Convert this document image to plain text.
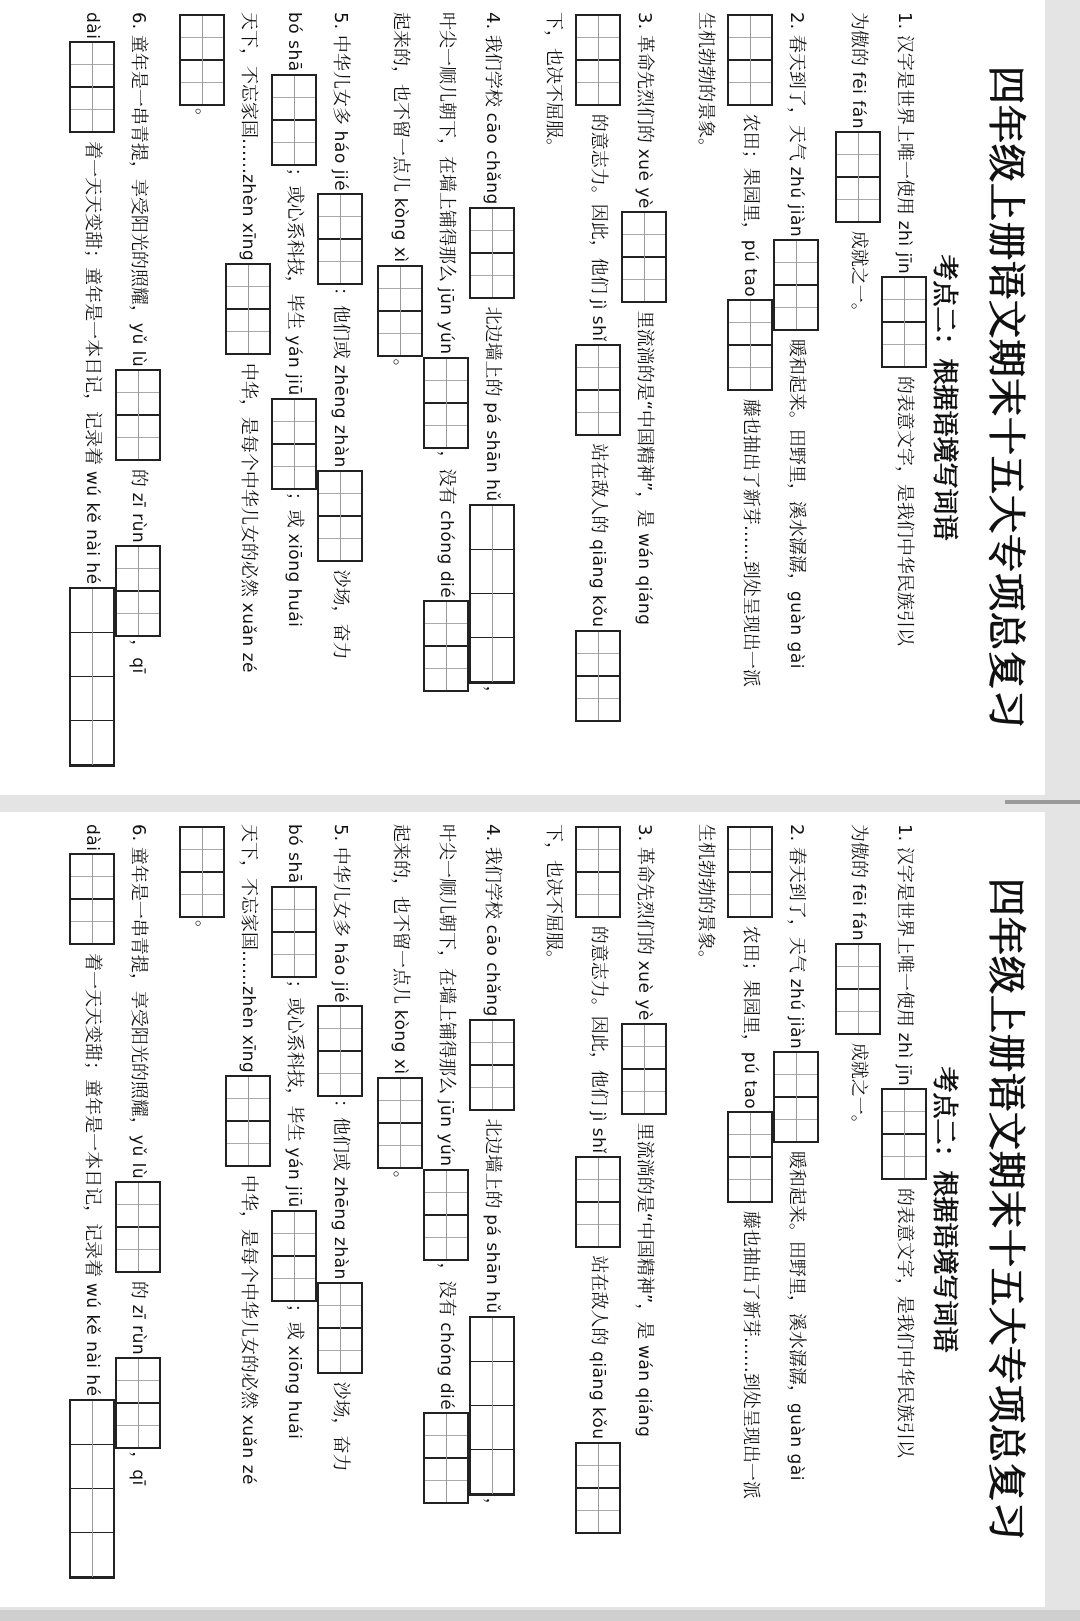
四年级上册语文期末十五大专项总复习
考点二：根据语境写词语
1. 汉字是世界上唯一使用 zhì jīn 的表意文字，是我们中华民族引以
为傲的 fēi fán 成就之一。
2. 春天到了，天气 zhú jiàn 暖和起来。田野里，溪水潺潺，guàn gài
农田；果园里，pú tao 藤也抽出了新芽……到处呈现出一派
生机勃勃的景象。
3. 革命先烈们的 xuè yè 里流淌的是“中国精神”，是 wán qiáng
的意志力。因此，他们 jì shǐ 站在敌人的 qiāng kǒu
下，也决不屈服。
4. 我们学校 cāo chǎng 北边墙上的 pá shān hǔ，
叶尖一顺儿朝下，在墙上铺得那么 jūn yún，没有 chóng dié
起来的，也不留一点儿 kòng xì。
5. 中华儿女多 háo jié：他们或 zhēng zhàn 沙场，奋力
bó shā；或心系科技，毕生 yán jiū；或 xiōng huái
天下，不忘家国……zhèn xīng 中华，是每个中华儿女的必然 xuǎn zé
。
6. 童年是一串青提，享受阳光的照耀，yǔ lù 的 zī rùn，qī
dài 着一天天变甜；童年是一本日记，记录着 wú kě nài hé
四年级上册语文期末十五大专项总复习
考点二：根据语境写词语
1. 汉字是世界上唯一使用 zhì jīn 的表意文字，是我们中华民族引以
为傲的 fēi fán 成就之一。
2. 春天到了，天气 zhú jiàn 暖和起来。田野里，溪水潺潺，guàn gài
农田；果园里，pú tao 藤也抽出了新芽……到处呈现出一派
生机勃勃的景象。
3. 革命先烈们的 xuè yè 里流淌的是“中国精神”，是 wán qiáng
的意志力。因此，他们 jì shǐ 站在敌人的 qiāng kǒu
下，也决不屈服。
4. 我们学校 cāo chǎng 北边墙上的 pá shān hǔ，
叶尖一顺儿朝下，在墙上铺得那么 jūn yún，没有 chóng dié
起来的，也不留一点儿 kòng xì。
5. 中华儿女多 háo jié：他们或 zhēng zhàn 沙场，奋力
bó shā；或心系科技，毕生 yán jiū；或 xiōng huái
天下，不忘家国……zhèn xīng 中华，是每个中华儿女的必然 xuǎn zé
。
6. 童年是一串青提，享受阳光的照耀，yǔ lù 的 zī rùn，qī
dài 着一天天变甜；童年是一本日记，记录着 wú kě nài hé
